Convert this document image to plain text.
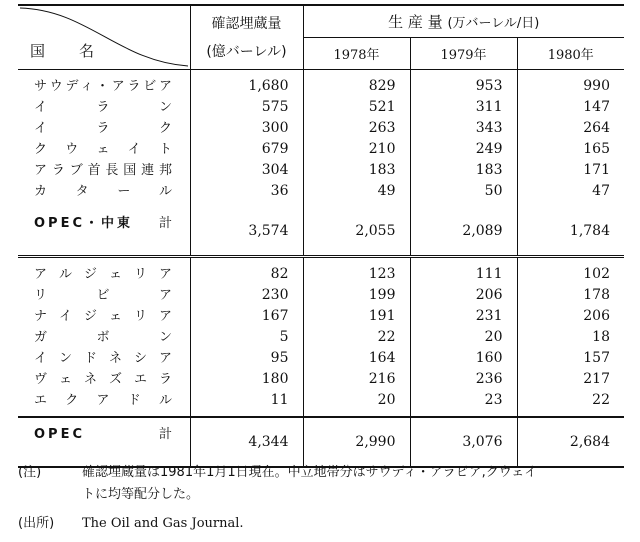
国名	確認埋蔵量
(億バーレル)	生 産 量 (万バーレル/日)		
		1978年	1979年	1980年
サウディ・アラビア	1,680	829	953	990
イ ラ ン	575	521	311	147
イ ラ ク	300	263	343	264
ク ウ ェ イ ト	679	210	249	165
アラブ首長国連邦	304	183	183	171
カ タ ー ル	36	49	50	47

OPEC・中東 計	3,574	2,055	2,089	1,784
ア ル ジ ェ リ ア	82	123	111	102
リ ビ ア	230	199	206	178
ナ イ ジ ェ リ ア	167	191	231	206
ガ ボ ン	5	22	20	18
イ ン ド ネ シ ア	95	164	160	157
ヴ ェ ネ ズ エ ラ	180	216	236	217
エ ク ア ド ル	11	20	23	22

OPEC 計	4,344	2,990	3,076	2,684
(注)	確認埋蔵量は1981年1月1日現在。中立地帯分はサウディ・アラビア,クウェイ
トに均等配分した。
(出所) The Oil and Gas Journal.
